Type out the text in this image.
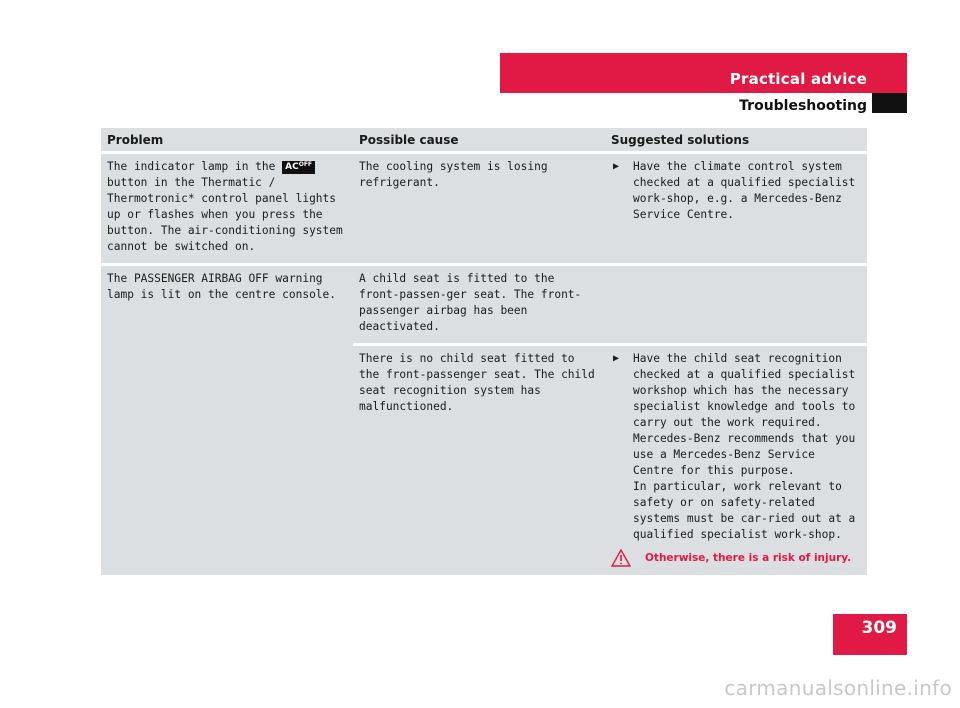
Practical advice
Troubleshooting
Problem	Possible cause	Suggested solutions
The indicator lamp in the $AC^{OFF}$ button in the Thermatic / Thermotronic* control panel lights up or flashes when you press the button. The air-conditioning system cannot be switched on.	The cooling system is losing refrigerant.	▶ Have the climate control system checked at a qualified specialist work-shop, e.g. a Mercedes-Benz Service Centre.

The PASSENGER AIRBAG OFF warning lamp is lit on the centre console.	A child seat is fitted to the front-passen-ger seat. The front-passenger airbag has been deactivated.	
	There is no child seat fitted to the front-passenger seat. The child seat recognition system has malfunctioned.	▶ Have the child seat recognition checked at a qualified specialist workshop which has the necessary specialist knowledge and tools to carry out the work required. Mercedes-Benz recommends that you use a Mercedes-Benz Service Centre for this purpose.
In particular, work relevant to safety or on safety-related systems must be car-ried out at a qualified specialist work-shop.
Otherwise, there is a risk of injury.
309
carmanualsonline.info
